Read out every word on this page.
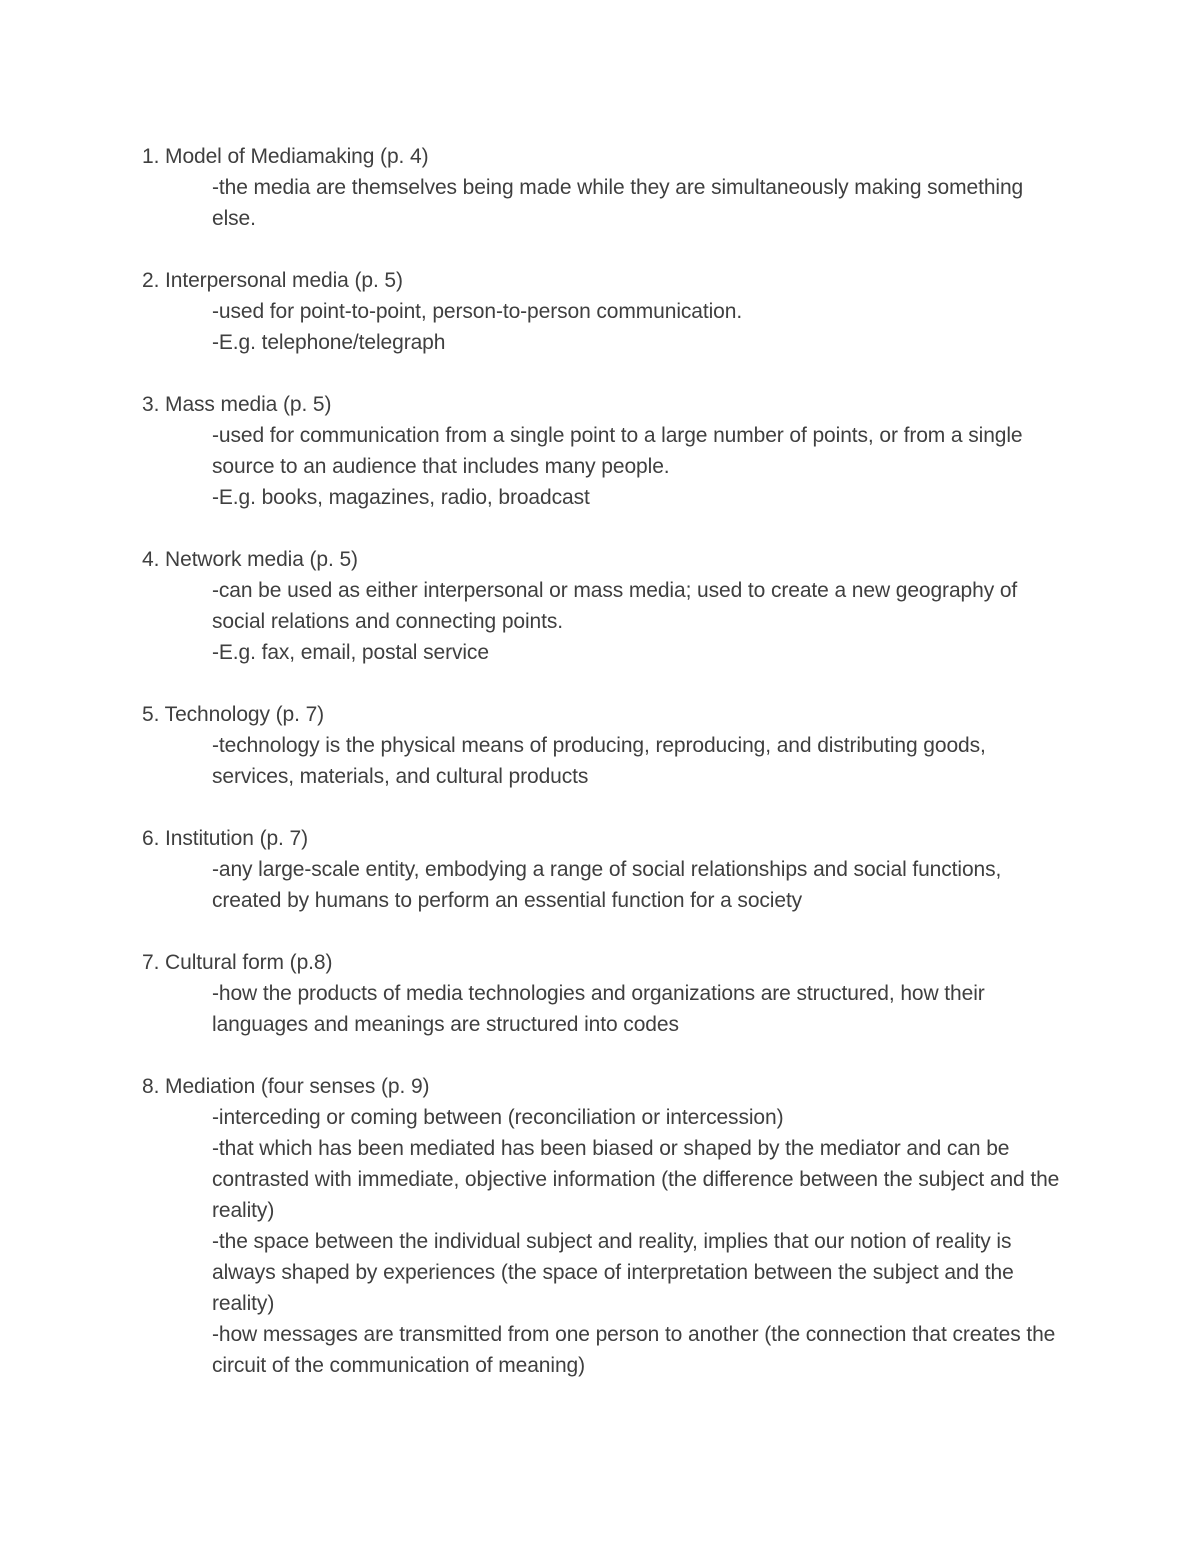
1. Model of Mediamaking (p. 4)
-the media are themselves being made while they are simultaneously making something else.
2. Interpersonal media (p. 5)
-used for point-to-point, person-to-person communication.
-E.g. telephone/telegraph
3. Mass media (p. 5)
-used for communication from a single point to a large number of points, or from a single source to an audience that includes many people.
-E.g. books, magazines, radio, broadcast
4. Network media (p. 5)
-can be used as either interpersonal or mass media; used to create a new geography of social relations and connecting points.
-E.g. fax, email, postal service
5. Technology (p. 7)
-technology is the physical means of producing, reproducing, and distributing goods, services, materials, and cultural products
6. Institution (p. 7)
-any large-scale entity, embodying a range of social relationships and social functions, created by humans to perform an essential function for a society
7. Cultural form (p.8)
-how the products of media technologies and organizations are structured, how their languages and meanings are structured into codes
8. Mediation (four senses (p. 9)
-interceding or coming between (reconciliation or intercession)
-that which has been mediated has been biased or shaped by the mediator and can be contrasted with immediate, objective information (the difference between the subject and the reality)
-the space between the individual subject and reality, implies that our notion of reality is always shaped by experiences (the space of interpretation between the subject and the reality)
-how messages are transmitted from one person to another (the connection that creates the circuit of the communication of meaning)
